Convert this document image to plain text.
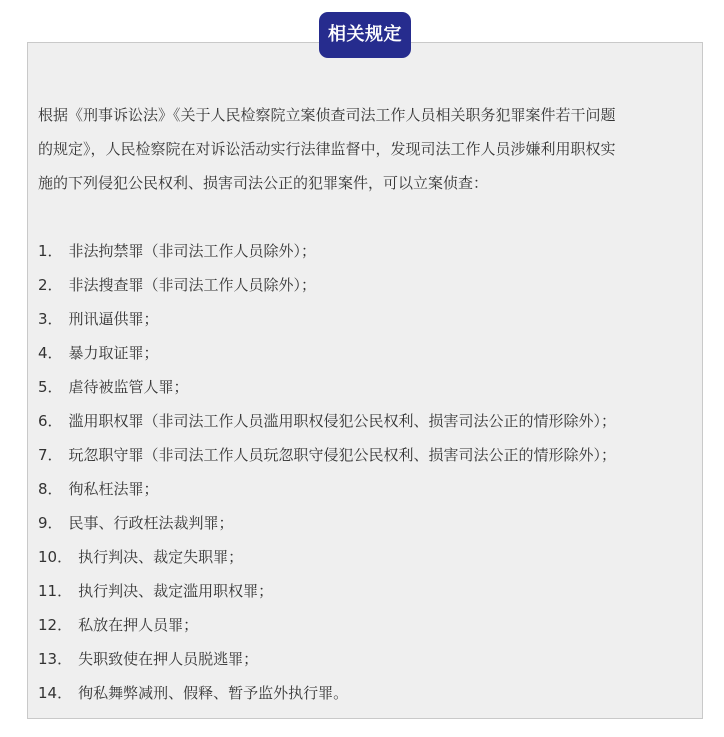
相关规定

根据《刑事诉讼法》《关于人民检察院立案侦查司法工作人员相关职务犯罪案件若干问题

的规定》，人民检察院在对诉讼活动实行法律监督中，发现司法工作人员涉嫌利用职权实

施的下列侵犯公民权利、损害司法公正的犯罪案件，可以立案侦查：

1． 非法拘禁罪（非司法工作人员除外）；
2． 非法搜查罪（非司法工作人员除外）；
3． 刑讯逼供罪；
4． 暴力取证罪；
5． 虐待被监管人罪；
6． 滥用职权罪（非司法工作人员滥用职权侵犯公民权利、损害司法公正的情形除外）；
7． 玩忽职守罪（非司法工作人员玩忽职守侵犯公民权利、损害司法公正的情形除外）；
8． 徇私枉法罪；
9． 民事、行政枉法裁判罪；
10． 执行判决、裁定失职罪；
11． 执行判决、裁定滥用职权罪；
12． 私放在押人员罪；
13． 失职致使在押人员脱逃罪；
14． 徇私舞弊减刑、假释、暂予监外执行罪。
